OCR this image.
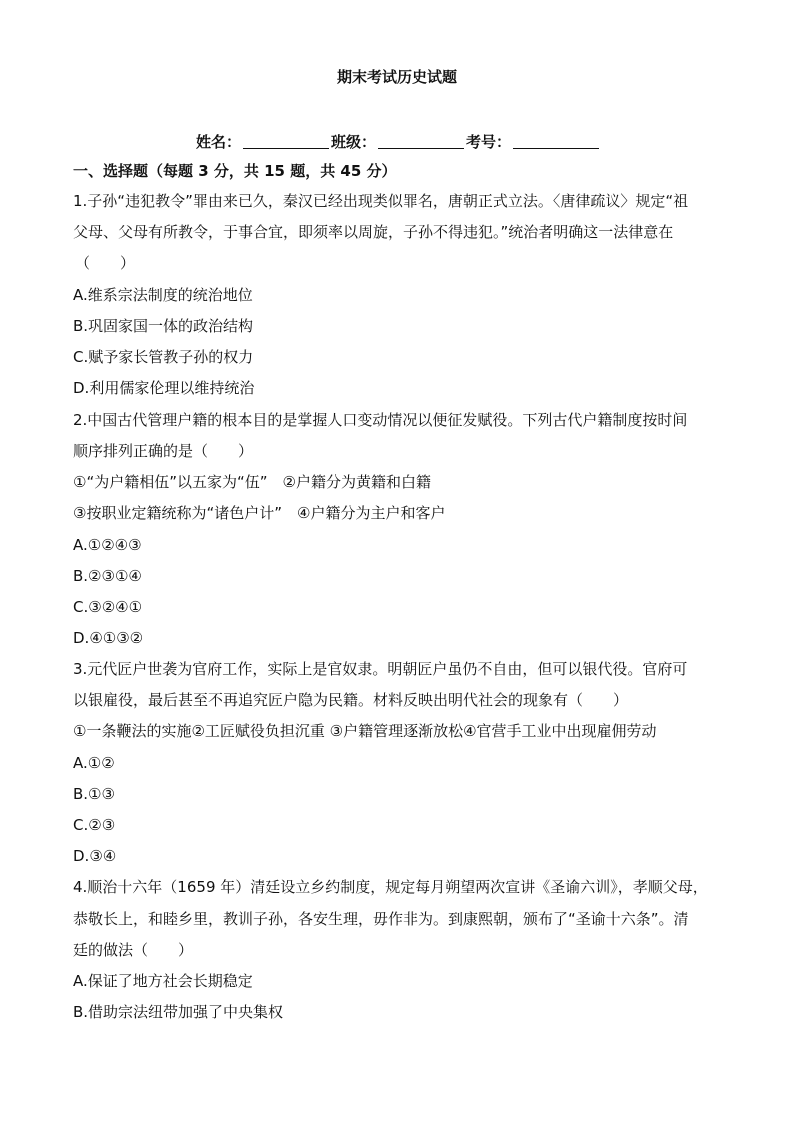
期末考试历史试题
姓名：	班级：	考号：
一、选择题（每题 3 分，共 15 题，共 45 分）
1.子孙“违犯教令”罪由来已久，秦汉已经出现类似罪名，唐朝正式立法。〈唐律疏议〉规定“祖
父母、父母有所教令，于事合宜，即须率以周旋，子孙不得违犯。”统治者明确这一法律意在
（　　）
A.维系宗法制度的统治地位
B.巩固家国一体的政治结构
C.赋予家长管教子孙的权力
D.利用儒家伦理以维持统治
2.中国古代管理户籍的根本目的是掌握人口变动情况以便征发赋役。下列古代户籍制度按时间
顺序排列正确的是（　　）
①“为户籍相伍”以五家为“伍”　②户籍分为黄籍和白籍
③按职业定籍统称为“诸色户计”　④户籍分为主户和客户
A.①②④③
B.②③①④
C.③②④①
D.④①③②
3.元代匠户世袭为官府工作，实际上是官奴隶。明朝匠户虽仍不自由，但可以银代役。官府可
以银雇役，最后甚至不再追究匠户隐为民籍。材料反映出明代社会的现象有（　　）
①一条鞭法的实施②工匠赋役负担沉重 ③户籍管理逐渐放松④官营手工业中出现雇佣劳动
A.①②
B.①③
C.②③
D.③④
4.顺治十六年（1659 年）清廷设立乡约制度，规定每月朔望两次宣讲《圣谕六训》，孝顺父母，
恭敬长上，和睦乡里，教训子孙，各安生理，毋作非为。到康熙朝，颁布了“圣谕十六条”。清
廷的做法（　　）
A.保证了地方社会长期稳定
B.借助宗法纽带加强了中央集权
